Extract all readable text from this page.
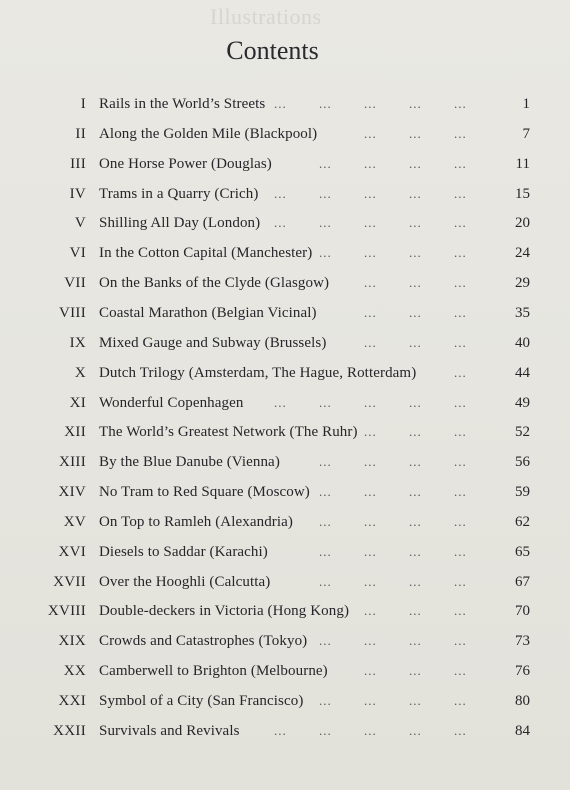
Illustrations
Contents
I Rails in the World’s Streets ... ... ... ... ...	1
II Along the Golden Mile (Blackpool)	... ... ...	7
III One Horse Power (Douglas)	... ... ... ...	11
IV Trams in a Quarry (Crich) ... ... ... ... ...	15
V Shilling All Day (London) ... ... ... ... ...	20
VI In the Cotton Capital (Manchester) ... ... ... ...	24
VII On the Banks of the Clyde (Glasgow)	... ... ...	29
VIII Coastal Marathon (Belgian Vicinal)	... ... ...	35
IX Mixed Gauge and Subway (Brussels)	... ... ...	40
X Dutch Trilogy (Amsterdam, The Hague, Rotterdam)	...	44
XI Wonderful Copenhagen ... ... ... ... ...	49
XII The World’s Greatest Network (The Ruhr) ... ... ...	52
XIII By the Blue Danube (Vienna)	... ... ... ...	56
XIV No Tram to Red Square (Moscow) ... ... ... ...	59
XV On Top to Ramleh (Alexandria) ... ... ... ...	62
XVI Diesels to Saddar (Karachi)	... ... ... ...	65
XVII Over the Hooghli (Calcutta)	... ... ... ...	67
XVIII Double-deckers in Victoria (Hong Kong) ... ... ...	70
XIX Crowds and Catastrophes (Tokyo) ... ... ... ...	73
XX Camberwell to Brighton (Melbourne)	... ... ...	76
XXI Symbol of a City (San Francisco) ... ... ... ...	80
XXII Survivals and Revivals	... ... ... ... ...	84
